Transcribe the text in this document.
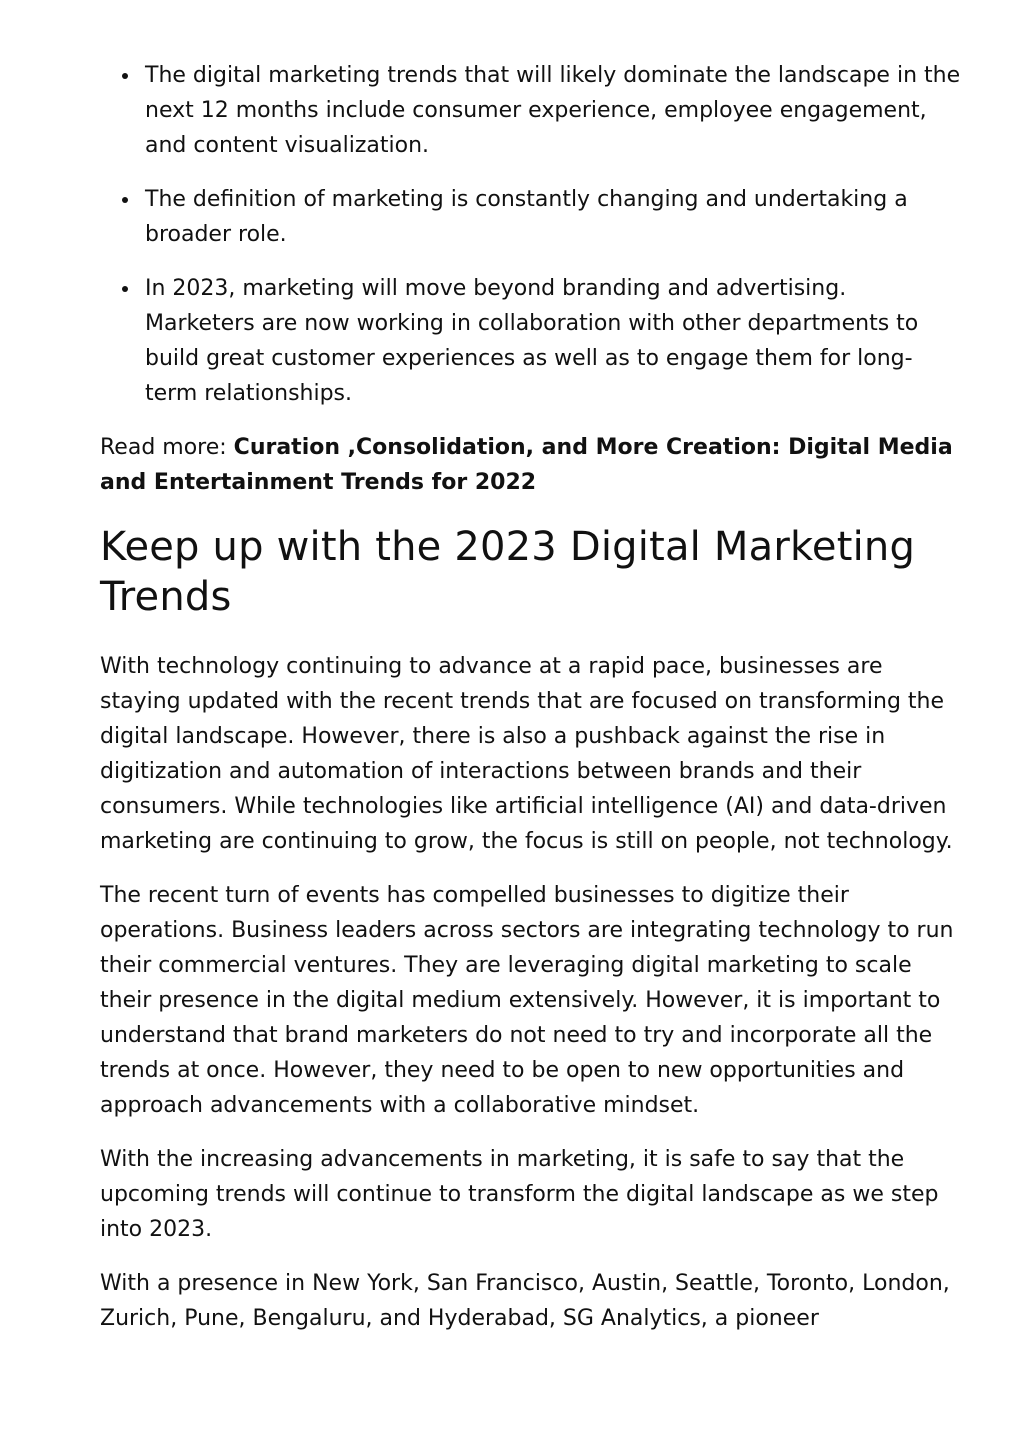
The digital marketing trends that will likely dominate the landscape in the next 12 months include consumer experience, employee engagement, and content visualization.
The definition of marketing is constantly changing and undertaking a broader role.
In 2023, marketing will move beyond branding and advertising. Marketers are now working in collaboration with other departments to build great customer experiences as well as to engage them for long-term relationships.

Read more: Curation ,Consolidation, and More Creation: Digital Media and Entertainment Trends for 2022

Keep up with the 2023 Digital Marketing Trends

With technology continuing to advance at a rapid pace, businesses are staying updated with the recent trends that are focused on transforming the digital landscape. However, there is also a pushback against the rise in digitization and automation of interactions between brands and their consumers. While technologies like artificial intelligence (AI) and data-driven marketing are continuing to grow, the focus is still on people, not technology.

The recent turn of events has compelled businesses to digitize their operations. Business leaders across sectors are integrating technology to run their commercial ventures. They are leveraging digital marketing to scale their presence in the digital medium extensively. However, it is important to understand that brand marketers do not need to try and incorporate all the trends at once. However, they need to be open to new opportunities and approach advancements with a collaborative mindset.

With the increasing advancements in marketing, it is safe to say that the upcoming trends will continue to transform the digital landscape as we step into 2023.

With a presence in New York, San Francisco, Austin, Seattle, Toronto, London, Zurich, Pune, Bengaluru, and Hyderabad, SG Analytics, a pioneer
